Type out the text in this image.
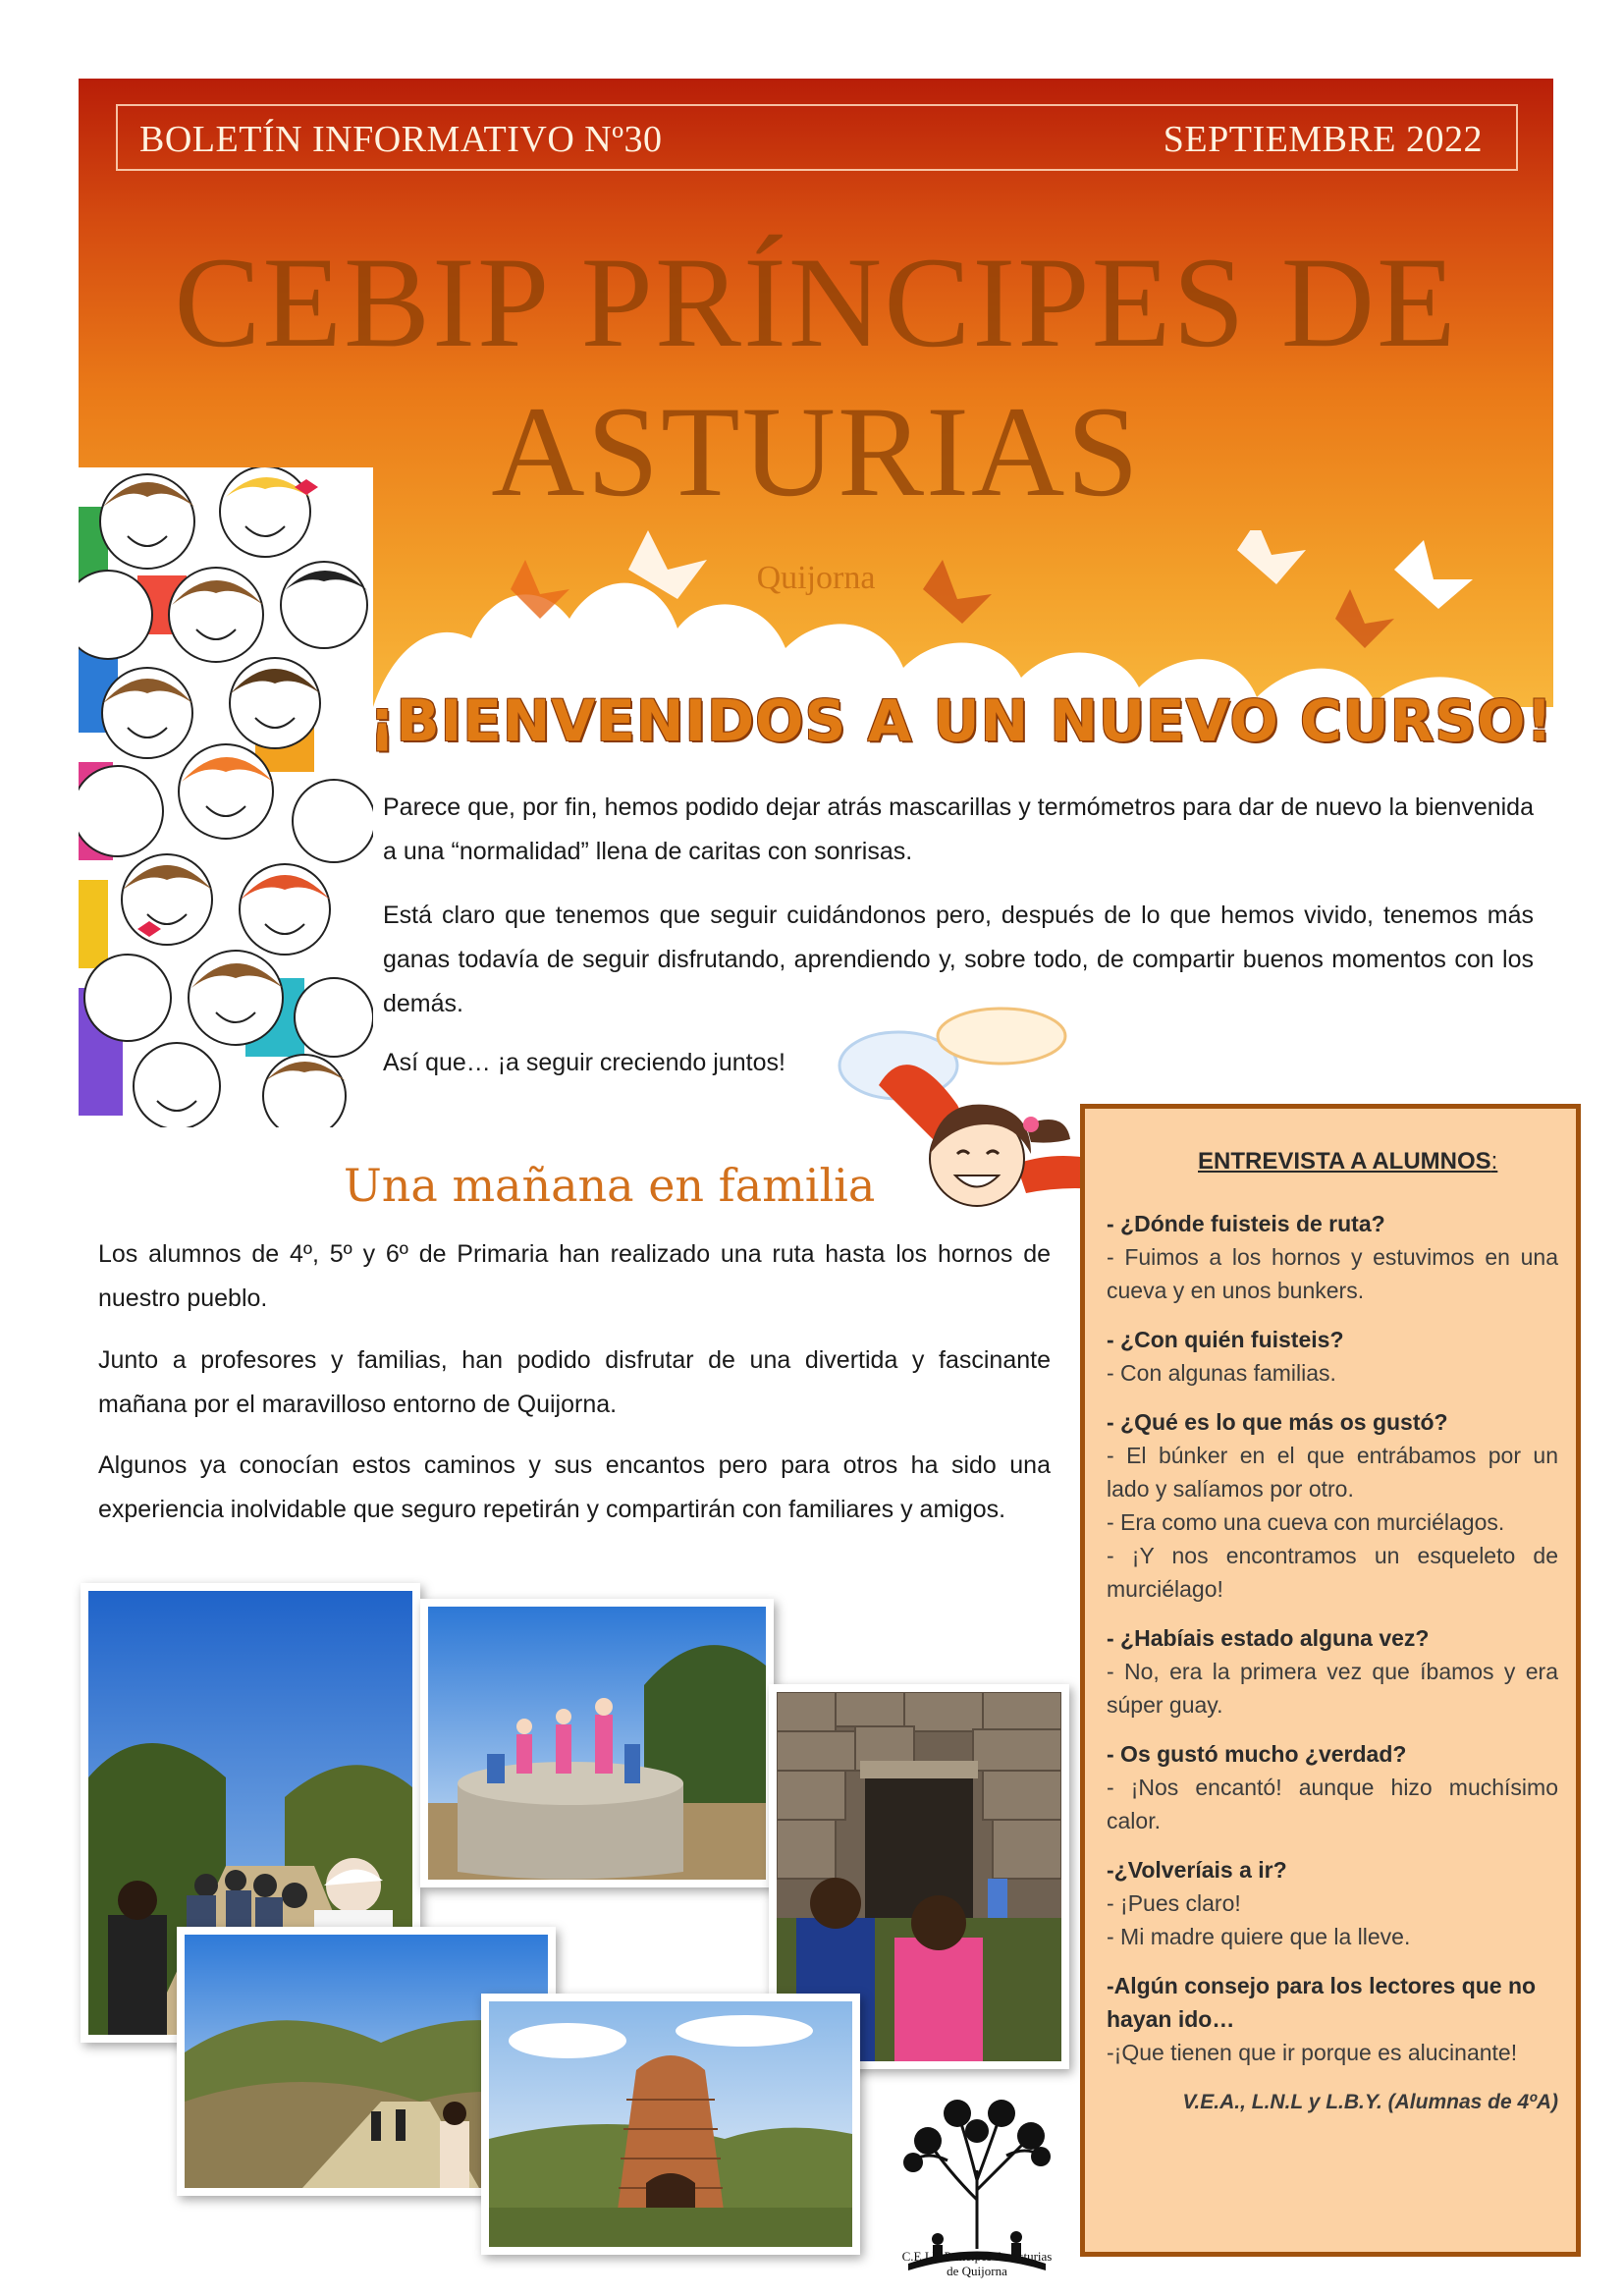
BOLETÍN INFORMATIVO Nº30	SEPTIEMBRE 2022
CEBIP PRÍNCIPES DE
ASTURIAS
Quijorna
¡BIENVENIDOS A UN NUEVO CURSO!

Parece que, por fin, hemos podido dejar atrás mascarillas y termómetros para dar de nuevo la bienvenida a una “normalidad” llena de caritas con sonrisas.

Está claro que tenemos que seguir cuidándonos pero, después de lo que hemos vivido, tenemos más ganas todavía de seguir disfrutando, aprendiendo y, sobre todo, de compartir buenos momentos con los demás.

Así que… ¡a seguir creciendo juntos!

Una mañana en familia

Los alumnos de 4º, 5º y 6º de Primaria han realizado una ruta hasta los hornos de nuestro pueblo.

Junto a profesores y familias, han podido disfrutar de una divertida y fascinante mañana por el maravilloso entorno de Quijorna.

Algunos ya conocían estos caminos y sus encantos pero para otros ha sido una experiencia inolvidable que seguro repetirán y compartirán con familiares y amigos.

C.E.I.P. Príncipes de Asturias
de Quijorna
ENTREVISTA A ALUMNOS:

- ¿Dónde fuisteis de ruta?

- Fuimos a los hornos y estuvimos en una cueva y en unos bunkers.

- ¿Con quién fuisteis?

- Con algunas familias.

- ¿Qué es lo que más os gustó?

- El búnker en el que entrábamos por un lado y salíamos por otro.

- Era como una cueva con murciélagos.

- ¡Y nos encontramos un esqueleto de murciélago!

- ¿Habíais estado alguna vez?

- No, era la primera vez que íbamos y era súper guay.

- Os gustó mucho ¿verdad?

- ¡Nos encantó! aunque hizo muchísimo calor.

-¿Volveríais a ir?

- ¡Pues claro!

- Mi madre quiere que la lleve.

-Algún consejo para los lectores que no hayan ido…

-¡Que tienen que ir porque es alucinante!

V.E.A., L.N.L y L.B.Y. (Alumnas de 4ºA)
